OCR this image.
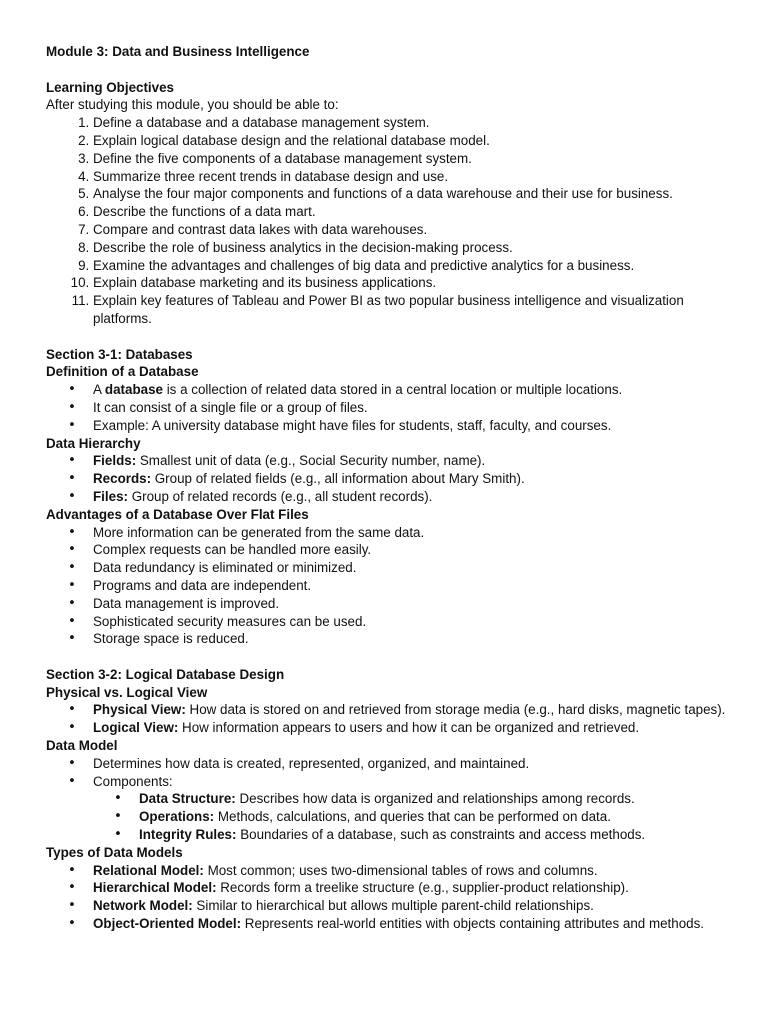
Module 3: Data and Business Intelligence

Learning Objectives

After studying this module, you should be able to:

1. Define a database and a database management system.
2. Explain logical database design and the relational database model.
3. Define the five components of a database management system.
4. Summarize three recent trends in database design and use.
5. Analyse the four major components and functions of a data warehouse and their use for business.
6. Describe the functions of a data mart.
7. Compare and contrast data lakes with data warehouses.
8. Describe the role of business analytics in the decision-making process.
9. Examine the advantages and challenges of big data and predictive analytics for a business.
10. Explain database marketing and its business applications.
11. Explain key features of Tableau and Power BI as two popular business intelligence and visualization platforms.

Section 3-1: Databases

Definition of a Database

• A database is a collection of related data stored in a central location or multiple locations.
• It can consist of a single file or a group of files.
• Example: A university database might have files for students, staff, faculty, and courses.

Data Hierarchy

• Fields: Smallest unit of data (e.g., Social Security number, name).
• Records: Group of related fields (e.g., all information about Mary Smith).
• Files: Group of related records (e.g., all student records).

Advantages of a Database Over Flat Files

• More information can be generated from the same data.
• Complex requests can be handled more easily.
• Data redundancy is eliminated or minimized.
• Programs and data are independent.
• Data management is improved.
• Sophisticated security measures can be used.
• Storage space is reduced.

Section 3-2: Logical Database Design

Physical vs. Logical View

• Physical View: How data is stored on and retrieved from storage media (e.g., hard disks, magnetic tapes).
• Logical View: How information appears to users and how it can be organized and retrieved.

Data Model

• Determines how data is created, represented, organized, and maintained.
• Components:
• Data Structure: Describes how data is organized and relationships among records.
• Operations: Methods, calculations, and queries that can be performed on data.
• Integrity Rules: Boundaries of a database, such as constraints and access methods.

Types of Data Models

• Relational Model: Most common; uses two-dimensional tables of rows and columns.
• Hierarchical Model: Records form a treelike structure (e.g., supplier-product relationship).
• Network Model: Similar to hierarchical but allows multiple parent-child relationships.
• Object-Oriented Model: Represents real-world entities with objects containing attributes and methods.
